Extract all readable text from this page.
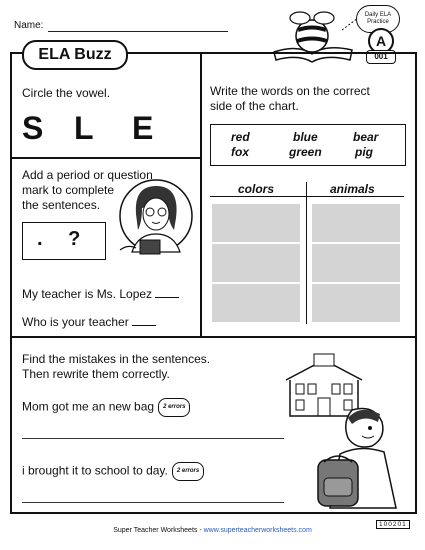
Name:
Daily ELA
Practice
A
001
ELA Buzz
Circle the vowel.
S L E
Write the words on the correct
side of the chart.
red	blue	bear
fox	green	pig
colors	animals
Add a period or question
mark to complete
the sentences.
. ?
My teacher is Ms. Lopez
Who is your teacher
Find the mistakes in the sentences.
Then rewrite them correctly.
Mom got me an new bag 2 errors
i brought it to school to day. 2 errors
Super Teacher Worksheets - www.superteacherworksheets.com
100201
